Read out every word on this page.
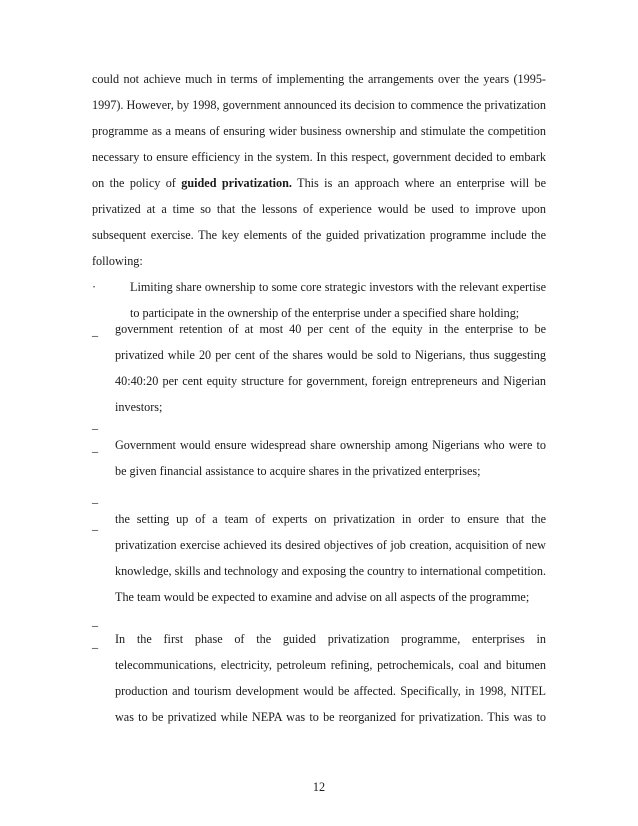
could not achieve much in terms of implementing the arrangements over the years (1995-
1997). However, by 1998, government announced its decision to commence the privatization
programme as a means of ensuring wider business ownership and stimulate the competition
necessary to ensure efficiency in the system. In this respect, government decided to embark
on the policy of guided privatization. This is an approach where an enterprise will be
privatized at a time so that the lessons of experience would be used to improve upon
subsequent exercise. The key elements of the guided privatization programme include the
following:
·	Limiting share ownership to some core strategic investors with the relevant expertise
to participate in the ownership of the enterprise under a specified share holding;
_ government retention of at most 40 per cent of the equity in the enterprise to be
privatized while 20 per cent of the shares would be sold to Nigerians, thus suggesting
40:40:20 per cent equity structure for government, foreign entrepreneurs and Nigerian
investors;
_
_ Government would ensure widespread share ownership among Nigerians who were to
be given financial assistance to acquire shares in the privatized enterprises;
_
_ the setting up of a team of experts on privatization in order to ensure that the
privatization exercise achieved its desired objectives of job creation, acquisition of new
knowledge, skills and technology and exposing the country to international competition.
The team would be expected to examine and advise on all aspects of the programme;
_
_ In the first phase of the guided privatization programme, enterprises in
telecommunications, electricity, petroleum refining, petrochemicals, coal and bitumen
production and tourism development would be affected. Specifically, in 1998, NITEL
was to be privatized while NEPA was to be reorganized for privatization. This was to
12
